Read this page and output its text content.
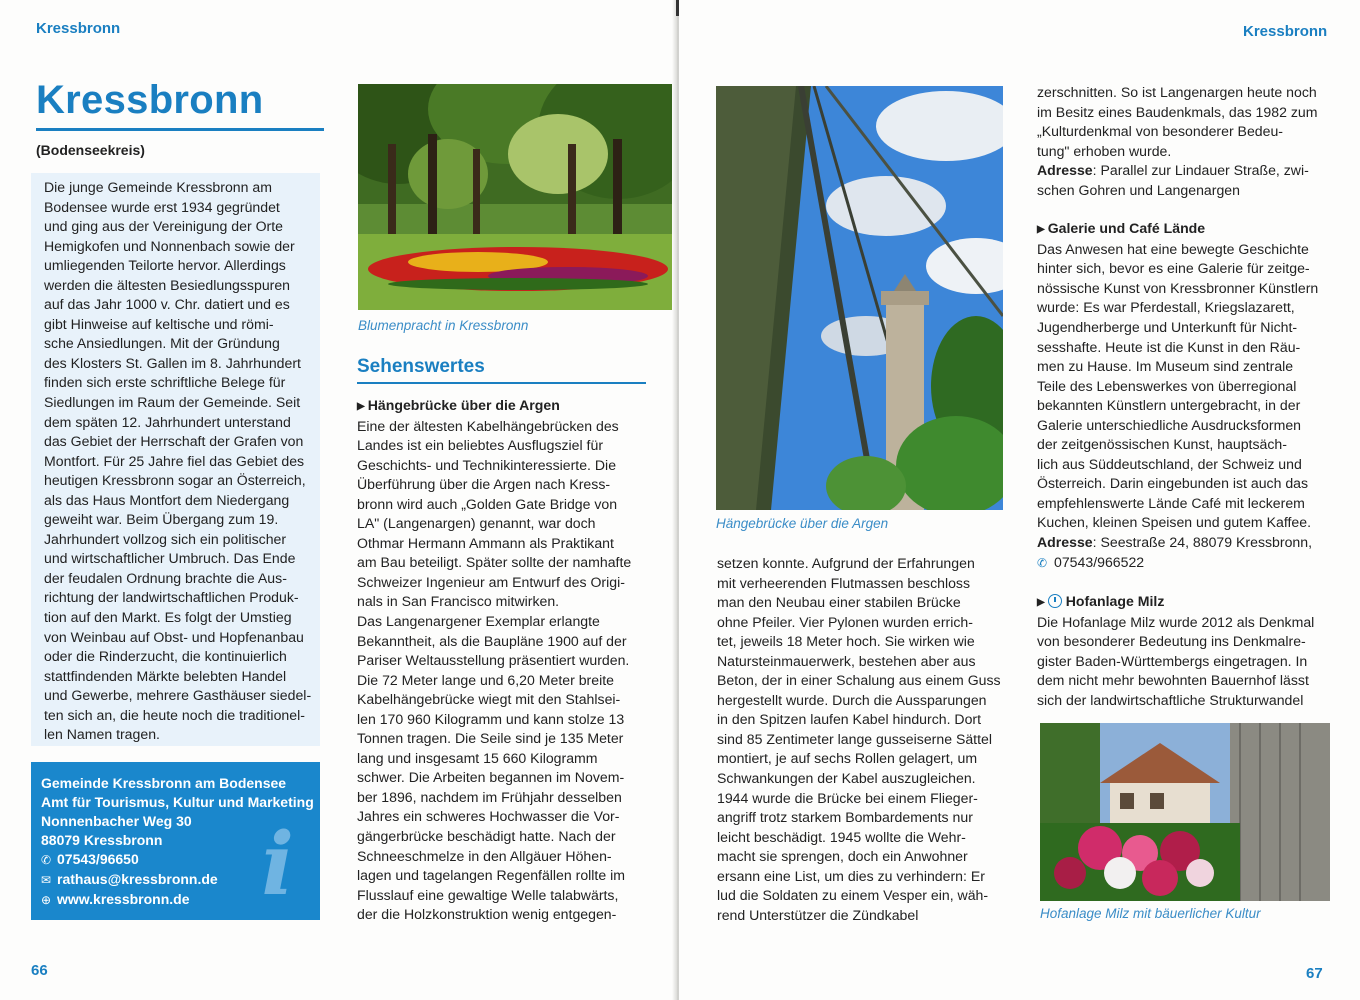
Kressbronn
Kressbronn
(Bodenseekreis)

Die junge Gemeinde Kressbronn am
Bodensee wurde erst 1934 gegründet
und ging aus der Vereinigung der Orte
Hemigkofen und Nonnenbach sowie der
umliegenden Teilorte hervor. Allerdings
werden die ältesten Besiedlungsspuren
auf das Jahr 1000 v. Chr. datiert und es
gibt Hinweise auf keltische und römi-
sche Ansiedlungen. Mit der Gründung
des Klosters St. Gallen im 8. Jahrhundert
finden sich erste schriftliche Belege für
Siedlungen im Raum der Gemeinde. Seit
dem späten 12. Jahrhundert unterstand
das Gebiet der Herrschaft der Grafen von
Montfort. Für 25 Jahre fiel das Gebiet des
heutigen Kressbronn sogar an Österreich,
als das Haus Montfort dem Niedergang
geweiht war. Beim Übergang zum 19.
Jahrhundert vollzog sich ein politischer
und wirtschaftlicher Umbruch. Das Ende
der feudalen Ordnung brachte die Aus-
richtung der landwirtschaftlichen Produk-
tion auf den Markt. Es folgt der Umstieg
von Weinbau auf Obst- und Hopfenanbau
oder die Rinderzucht, die kontinuierlich
stattfindenden Märkte belebten Handel
und Gewerbe, mehrere Gasthäuser siedel-
ten sich an, die heute noch die traditionel-
len Namen tragen.

Gemeinde Kressbronn am Bodensee
Amt für Tourismus, Kultur und Marketing
Nonnenbacher Weg 30
88079 Kressbronn
✆ 07543/96650
✉ rathaus@kressbronn.de
⊕ www.kressbronn.de i
66
Blumenpracht in Kressbronn
Sehenswertes

▶ Hängebrücke über die Argen
Eine der ältesten Kabelhängebrücken des
Landes ist ein beliebtes Ausflugsziel für
Geschichts- und Technikinteressierte. Die
Überführung über die Argen nach Kress-
bronn wird auch „Golden Gate Bridge von
LA" (Langenargen) genannt, war doch
Othmar Hermann Ammann als Praktikant
am Bau beteiligt. Später sollte der namhafte
Schweizer Ingenieur am Entwurf des Origi-
nals in San Francisco mitwirken.
Das Langenargener Exemplar erlangte
Bekanntheit, als die Baupläne 1900 auf der
Pariser Weltausstellung präsentiert wurden.
Die 72 Meter lange und 6,20 Meter breite
Kabelhängebrücke wiegt mit den Stahlsei-
len 170 960 Kilogramm und kann stolze 13
Tonnen tragen. Die Seile sind je 135 Meter
lang und insgesamt 15 660 Kilogramm
schwer. Die Arbeiten begannen im Novem-
ber 1896, nachdem im Frühjahr desselben
Jahres ein schweres Hochwasser die Vor-
gängerbrücke beschädigt hatte. Nach der
Schneeschmelze in den Allgäuer Höhen-
lagen und tagelangen Regenfällen rollte im
Flusslauf eine gewaltige Welle talabwärts,
der die Holzkonstruktion wenig entgegen-

Kressbronn
Hängebrücke über die Argen

setzen konnte. Aufgrund der Erfahrungen
mit verheerenden Flutmassen beschloss
man den Neubau einer stabilen Brücke
ohne Pfeiler. Vier Pylonen wurden errich-
tet, jeweils 18 Meter hoch. Sie wirken wie
Natursteinmauerwerk, bestehen aber aus
Beton, der in einer Schalung aus einem Guss
hergestellt wurde. Durch die Aussparungen
in den Spitzen laufen Kabel hindurch. Dort
sind 85 Zentimeter lange gusseiserne Sättel
montiert, je auf sechs Rollen gelagert, um
Schwankungen der Kabel auszugleichen.
1944 wurde die Brücke bei einem Flieger-
angriff trotz starkem Bombardements nur
leicht beschädigt. 1945 wollte die Wehr-
macht sie sprengen, doch ein Anwohner
ersann eine List, um dies zu verhindern: Er
lud die Soldaten zu einem Vesper ein, wäh-
rend Unterstützer die Zündkabel

zerschnitten. So ist Langenargen heute noch
im Besitz eines Baudenkmals, das 1982 zum
„Kulturdenkmal von besonderer Bedeu-
tung" erhoben wurde.
Adresse: Parallel zur Lindauer Straße, zwi-
schen Gohren und Langenargen

▶ Galerie und Café Lände
Das Anwesen hat eine bewegte Geschichte
hinter sich, bevor es eine Galerie für zeitge-
nössische Kunst von Kressbronner Künstlern
wurde: Es war Pferdestall, Kriegslazarett,
Jugendherberge und Unterkunft für Nicht-
sesshafte. Heute ist die Kunst in den Räu-
men zu Hause. Im Museum sind zentrale
Teile des Lebenswerkes von überregional
bekannten Künstlern untergebracht, in der
Galerie unterschiedliche Ausdrucksformen
der zeitgenössischen Kunst, hauptsäch-
lich aus Süddeutschland, der Schweiz und
Österreich. Darin eingebunden ist auch das
empfehlenswerte Lände Café mit leckerem
Kuchen, kleinen Speisen und gutem Kaffee.
Adresse: Seestraße 24, 88079 Kressbronn,
✆ 07543/966522

▶ Hofanlage Milz
Die Hofanlage Milz wurde 2012 als Denkmal
von besonderer Bedeutung ins Denkmalre-
gister Baden-Württembergs eingetragen. In
dem nicht mehr bewohnten Bauernhof lässt
sich der landwirtschaftliche Strukturwandel

Hofanlage Milz mit bäuerlicher Kultur
67
